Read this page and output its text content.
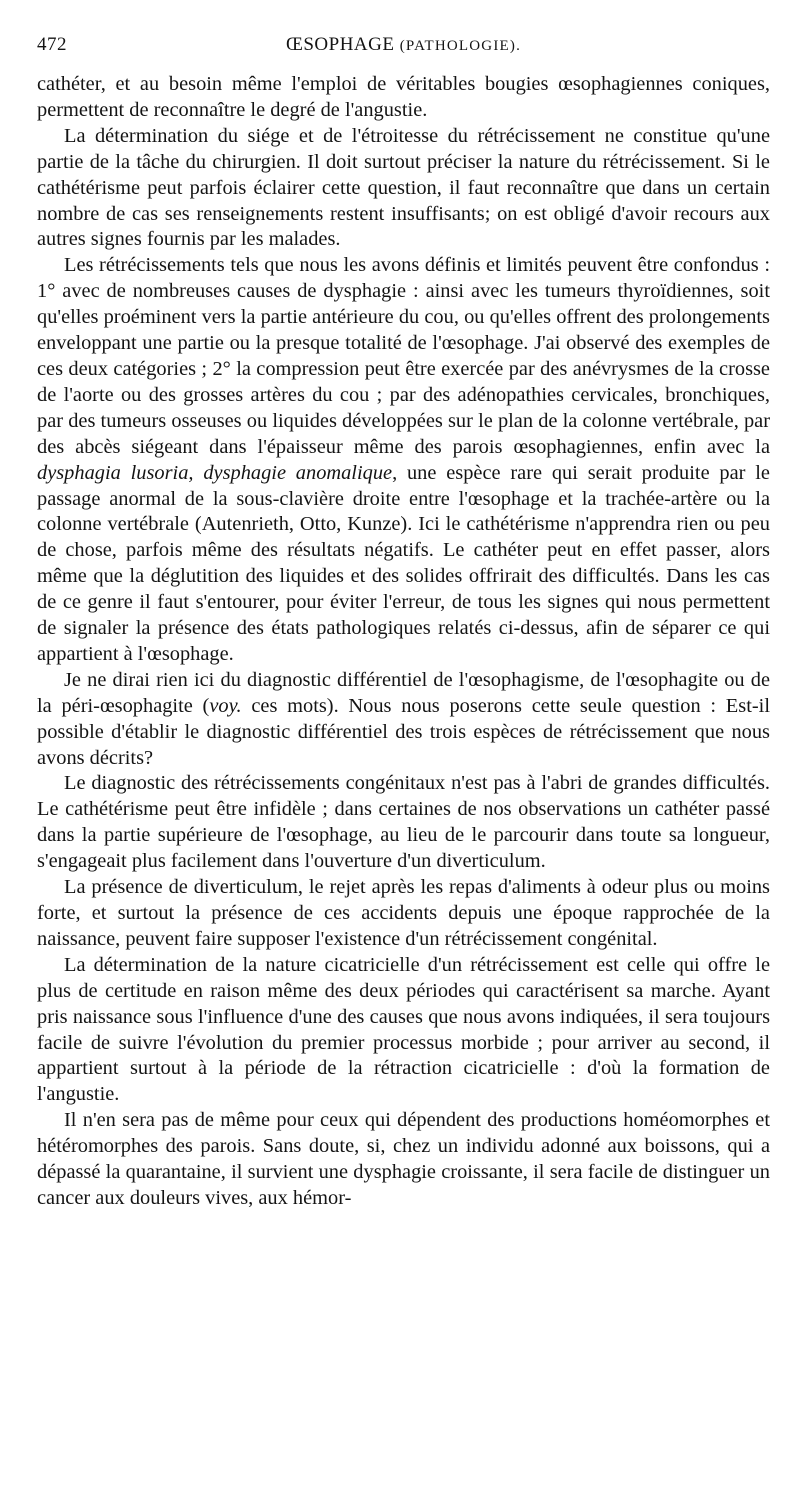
472	ŒSOPHAGE (PATHOLOGIE).

cathéter, et au besoin même l'emploi de véritables bougies œsophagiennes coniques, permettent de reconnaître le degré de l'angustie.

La détermination du siége et de l'étroitesse du rétrécissement ne constitue qu'une partie de la tâche du chirurgien. Il doit surtout préciser la nature du rétrécissement. Si le cathétérisme peut parfois éclairer cette question, il faut reconnaître que dans un certain nombre de cas ses renseignements restent insuffisants; on est obligé d'avoir recours aux autres signes fournis par les malades.

Les rétrécissements tels que nous les avons définis et limités peuvent être confondus : 1° avec de nombreuses causes de dysphagie : ainsi avec les tumeurs thyroïdiennes, soit qu'elles proéminent vers la partie antérieure du cou, ou qu'elles offrent des prolongements enveloppant une partie ou la presque totalité de l'œsophage. J'ai observé des exemples de ces deux catégories ; 2° la compression peut être exercée par des anévrysmes de la crosse de l'aorte ou des grosses artères du cou ; par des adénopathies cervicales, bronchiques, par des tumeurs osseuses ou liquides développées sur le plan de la colonne vertébrale, par des abcès siégeant dans l'épaisseur même des parois œsophagiennes, enfin avec la dysphagia lusoria, dysphagie anomalique, une espèce rare qui serait produite par le passage anormal de la sous-clavière droite entre l'œsophage et la trachée-artère ou la colonne vertébrale (Autenrieth, Otto, Kunze). Ici le cathétérisme n'apprendra rien ou peu de chose, parfois même des résultats négatifs. Le cathéter peut en effet passer, alors même que la déglutition des liquides et des solides offrirait des difficultés. Dans les cas de ce genre il faut s'entourer, pour éviter l'erreur, de tous les signes qui nous permettent de signaler la présence des états pathologiques relatés ci-dessus, afin de séparer ce qui appartient à l'œsophage.

Je ne dirai rien ici du diagnostic différentiel de l'œsophagisme, de l'œsophagite ou de la péri-œsophagite (voy. ces mots). Nous nous poserons cette seule question : Est-il possible d'établir le diagnostic différentiel des trois espèces de rétrécissement que nous avons décrits?

Le diagnostic des rétrécissements congénitaux n'est pas à l'abri de grandes difficultés. Le cathétérisme peut être infidèle ; dans certaines de nos observations un cathéter passé dans la partie supérieure de l'œsophage, au lieu de le parcourir dans toute sa longueur, s'engageait plus facilement dans l'ouverture d'un diverticulum.

La présence de diverticulum, le rejet après les repas d'aliments à odeur plus ou moins forte, et surtout la présence de ces accidents depuis une époque rapprochée de la naissance, peuvent faire supposer l'existence d'un rétrécissement congénital.

La détermination de la nature cicatricielle d'un rétrécissement est celle qui offre le plus de certitude en raison même des deux périodes qui caractérisent sa marche. Ayant pris naissance sous l'influence d'une des causes que nous avons indiquées, il sera toujours facile de suivre l'évolution du premier processus morbide ; pour arriver au second, il appartient surtout à la période de la rétraction cicatricielle : d'où la formation de l'angustie.

Il n'en sera pas de même pour ceux qui dépendent des productions homéomorphes et hétéromorphes des parois. Sans doute, si, chez un individu adonné aux boissons, qui a dépassé la quarantaine, il survient une dysphagie croissante, il sera facile de distinguer un cancer aux douleurs vives, aux hémor-
